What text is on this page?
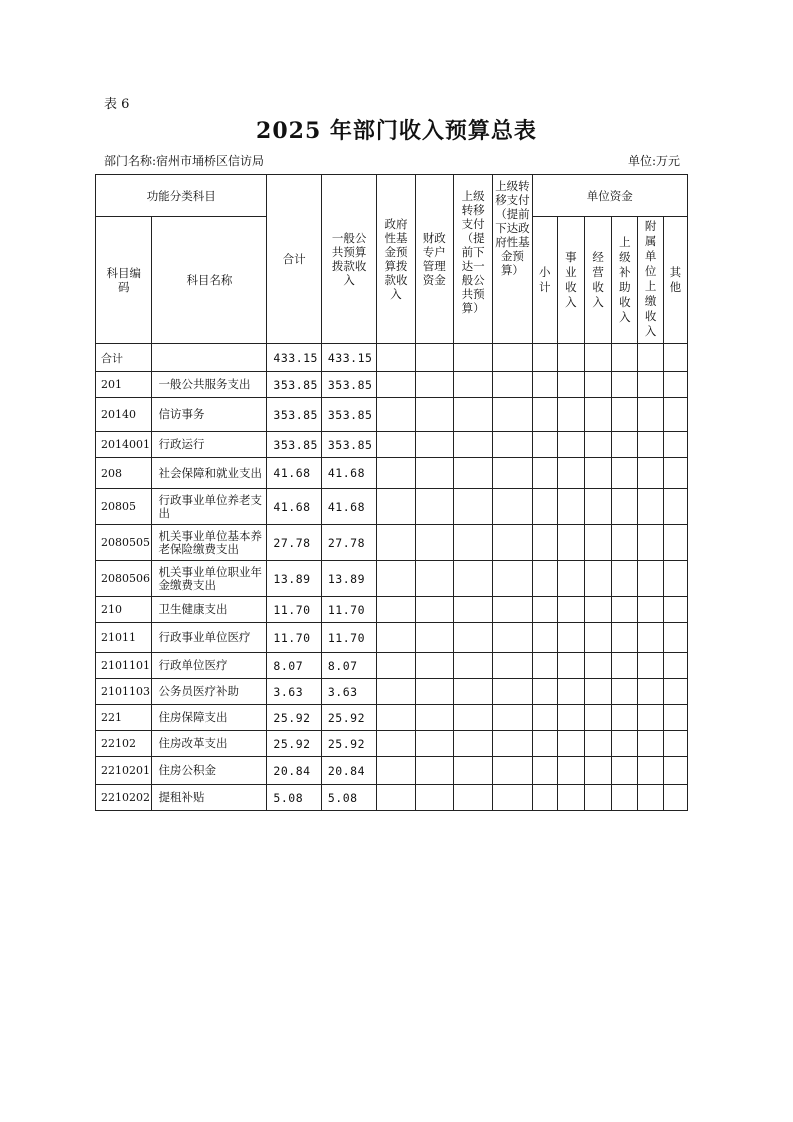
表 6
2025 年部门收入预算总表
部门名称:宿州市埇桥区信访局	单位:万元
功能分类科目		合计	一般公共预算拨款收入	政府性基金预算拨款收入	财政专户管理资金	上级转移支付（提前下达一般公共预算）	上级转移支付（提前下达政府性基金预算）	单位资金					
科目编码	科目名称							小计	事业收入	经营收入	上级补助收入	附属单位上缴收入	其他
合计		433.15	433.15										
201	一般公共服务支出	353.85	353.85										
20140	信访事务	353.85	353.85										
2014001	行政运行	353.85	353.85										
208	社会保障和就业支出	41.68	41.68										
20805	行政事业单位养老支出	41.68	41.68										
2080505	机关事业单位基本养老保险缴费支出	27.78	27.78										
2080506	机关事业单位职业年金缴费支出	13.89	13.89										
210	卫生健康支出	11.70	11.70										
21011	行政事业单位医疗	11.70	11.70										
2101101	行政单位医疗	8.07	8.07										
2101103	公务员医疗补助	3.63	3.63										
221	住房保障支出	25.92	25.92										
22102	住房改革支出	25.92	25.92										
2210201	住房公积金	20.84	20.84										
2210202	提租补贴	5.08	5.08										
